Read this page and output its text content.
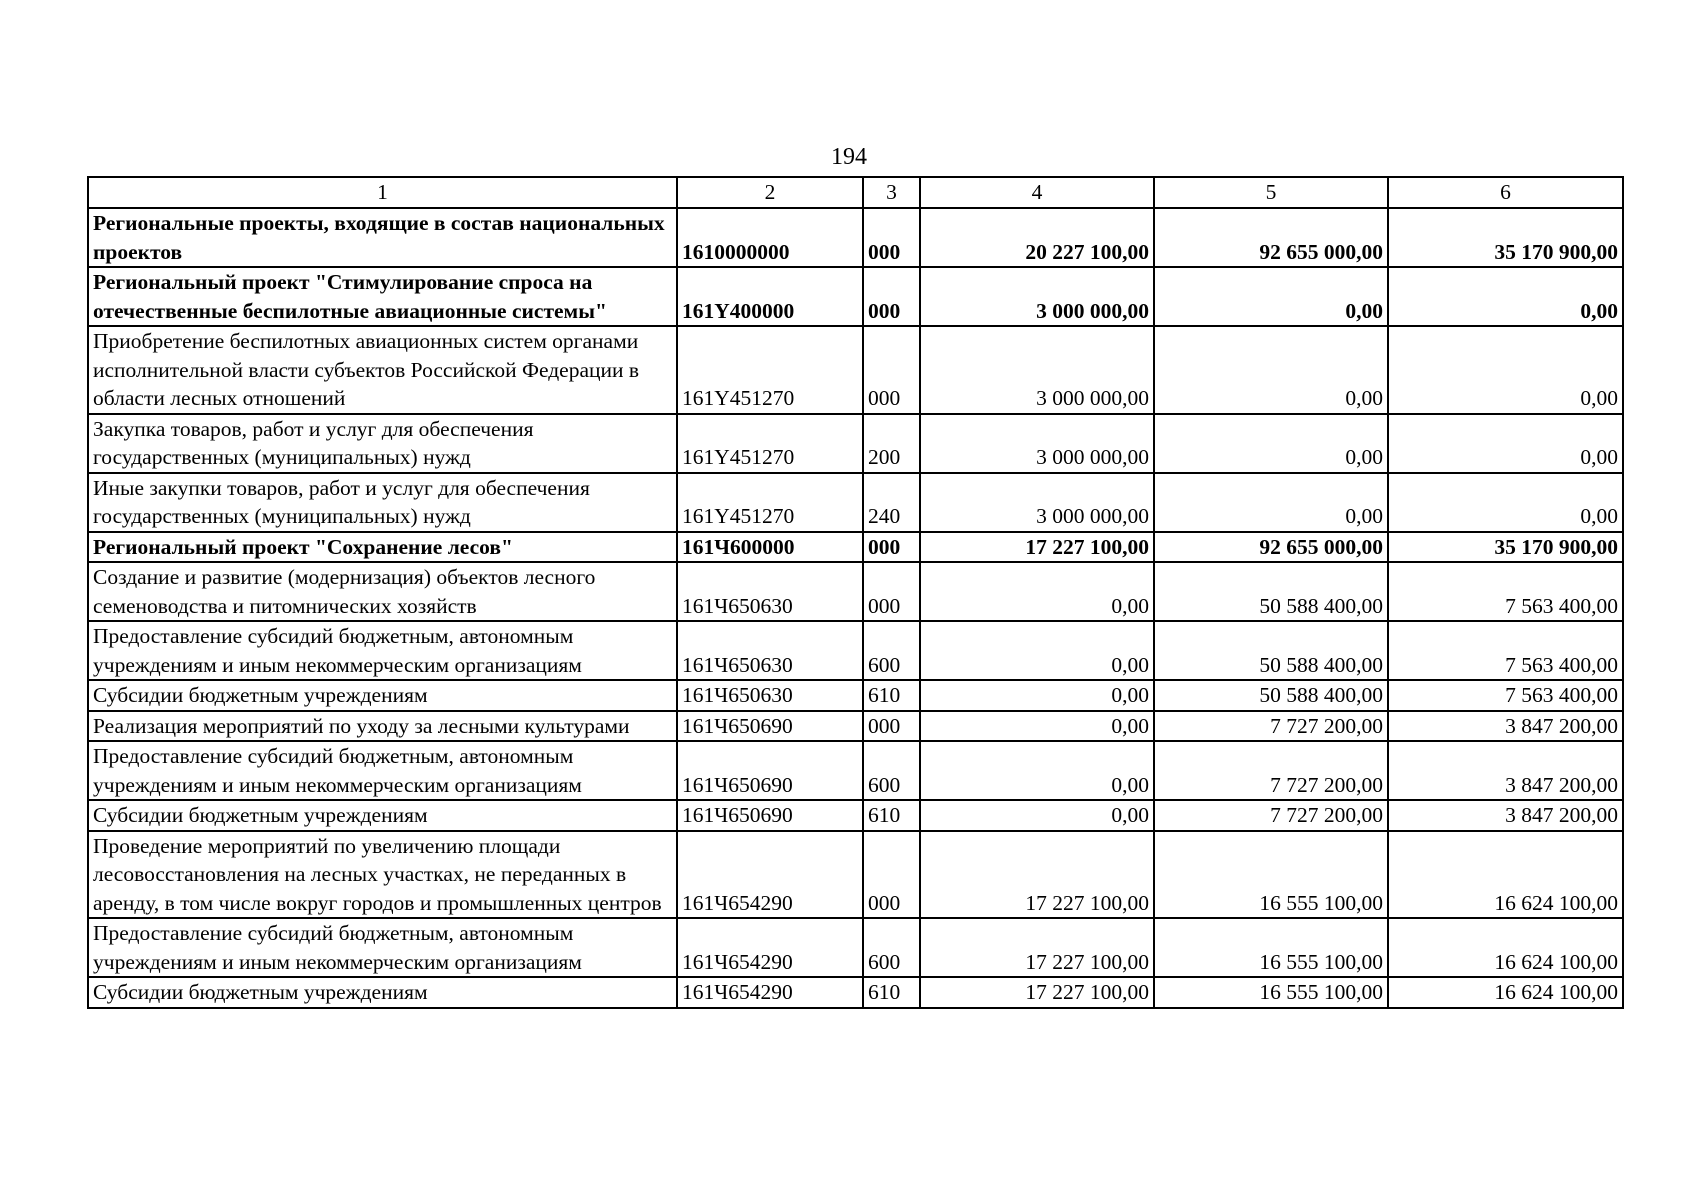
194
1	2	3	4	5	6
Региональные проекты, входящие в состав национальных проектов	1610000000	000	20 227 100,00	92 655 000,00	35 170 900,00
Региональный проект "Стимулирование спроса на отечественные беспилотные авиационные системы"	161Y400000	000	3 000 000,00	0,00	0,00
Приобретение беспилотных авиационных систем органами исполнительной власти субъектов Российской Федерации в области лесных отношений	161Y451270	000	3 000 000,00	0,00	0,00
Закупка товаров, работ и услуг для обеспечения государственных (муниципальных) нужд	161Y451270	200	3 000 000,00	0,00	0,00
Иные закупки товаров, работ и услуг для обеспечения государственных (муниципальных) нужд	161Y451270	240	3 000 000,00	0,00	0,00
Региональный проект "Сохранение лесов"	161Ч600000	000	17 227 100,00	92 655 000,00	35 170 900,00
Создание и развитие (модернизация) объектов лесного семеноводства и питомнических хозяйств	161Ч650630	000	0,00	50 588 400,00	7 563 400,00
Предоставление субсидий бюджетным, автономным учреждениям и иным некоммерческим организациям	161Ч650630	600	0,00	50 588 400,00	7 563 400,00
Субсидии бюджетным учреждениям	161Ч650630	610	0,00	50 588 400,00	7 563 400,00
Реализация мероприятий по уходу за лесными культурами	161Ч650690	000	0,00	7 727 200,00	3 847 200,00
Предоставление субсидий бюджетным, автономным учреждениям и иным некоммерческим организациям	161Ч650690	600	0,00	7 727 200,00	3 847 200,00
Субсидии бюджетным учреждениям	161Ч650690	610	0,00	7 727 200,00	3 847 200,00
Проведение мероприятий по увеличению площади лесовосстановления на лесных участках, не переданных в аренду, в том числе вокруг городов и промышленных центров	161Ч654290	000	17 227 100,00	16 555 100,00	16 624 100,00
Предоставление субсидий бюджетным, автономным учреждениям и иным некоммерческим организациям	161Ч654290	600	17 227 100,00	16 555 100,00	16 624 100,00
Субсидии бюджетным учреждениям	161Ч654290	610	17 227 100,00	16 555 100,00	16 624 100,00
